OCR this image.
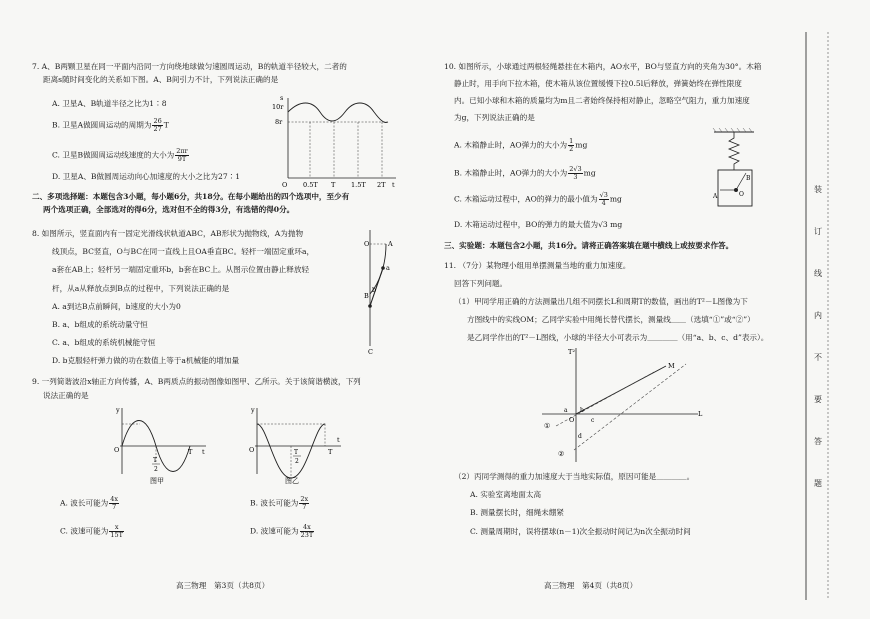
7. A、B两颗卫星在同一平面内沿同一方向绕地球做匀速圆周运动，B的轨道半径较大，二者的

距离s随时间变化的关系如下图。A、B间引力不计，下列说法正确的是

A. 卫星A、B轨道半径之比为1∶8

B. 卫星A做圆周运动的周期为 $\frac{26}{27}$ T

C. 卫星B做圆周运动线速度的大小为 $\frac{2\pi r}{9T}$

D. 卫星A、B做圆周运动向心加速度的大小之比为27∶1

10r
8r
s
O 0.5T T 1.5T 2T t

二、多项选择题：本题包含3小题，每小题6分，共18分。在每小题给出的四个选项中，至少有

两个选项正确，全部选对的得6分，选对但不全的得3分，有选错的得0分。

8. 如图所示，竖直面内有一固定光滑线状轨道ABC，AB形状为抛物线，A为抛物

线顶点，BC竖直，O与BC在同一直线上且OA垂直BC。轻杆一端固定重环a，

a套在AB上；轻杆另一端固定重环b，b套在BC上。从图示位置由静止释放轻

杆，从a从释放点到B点的过程中，下列说法正确的是

A. a到达B点前瞬间，b速度的大小为0

B. a、b组成的系统动量守恒

C. a、b组成的系统机械能守恒

D. b克服轻杆弹力做的功在数值上等于a机械能的增加量

O	A
a
b
B
C

9. 一列简谐波沿x轴正方向传播，A、B两质点的振动图像如图甲、乙所示。关于该简谐横波，下列

说法正确的是

y
O
T
2
T t
图甲
y
O	T
2
T
t
图乙

A. 波长可能为 $\frac{4x}{7}$	B. 波长可能为 $\frac{2x}{7}$

C. 波速可能为 $\frac{x}{15T}$	D. 波速可能为 $\frac{4x}{23T}$

高三物理　第3页（共8页）

10. 如图所示，小球通过两根轻绳悬挂在木箱内，AO水平，BO与竖直方向的夹角为30°。木箱

静止时，用手向下拉木箱，使木箱从该位置缓慢下拉0.5l后释放，弹簧始终在弹性限度

内。已知小球和木箱的质量均为m且二者始终保持相对静止，忽略空气阻力，重力加速度

为g，下列说法正确的是

A. 木箱静止时，AO弹力的大小为 $\frac{1}{2}$ mg

B. 木箱静止时，AO弹力的大小为 $\frac{2√3}{3}$ mg

C. 木箱运动过程中，AO的弹力的最小值为 $\frac{√3}{4}$ mg

D. 木箱运动过程中，BO的弹力的最大值为√3 mg

A
B
O

三、实验题：本题包含2小题，共16分。请将正确答案填在题中横线上或按要求作答。

11. （7分）某物理小组用单摆测量当地的重力加速度。

回答下列问题。

（1）甲同学用正确的方法测量出几组不同摆长L和周期T的数值，画出的T²－L图像为下

方图线中的实线OM；乙同学实验中用绳长替代摆长，测量线＿＿（选填“①”或“②”）

是乙同学作出的T²－L图线，小球的半径大小可表示为＿＿＿＿（用“a、b、c、d”表示）。

T²
L
M
O
a b
c
d
①
②

（2）丙同学测得的重力加速度大于当地实际值，原因可能是＿＿＿＿。

A. 实验室离地面太高

B. 测量摆长时，细绳未绷紧

C. 测量周期时，误将摆球(n－1)次全振动时间记为n次全振动时间

高三物理　第4页（共8页）
装
订
线
内
不
要
答
题
